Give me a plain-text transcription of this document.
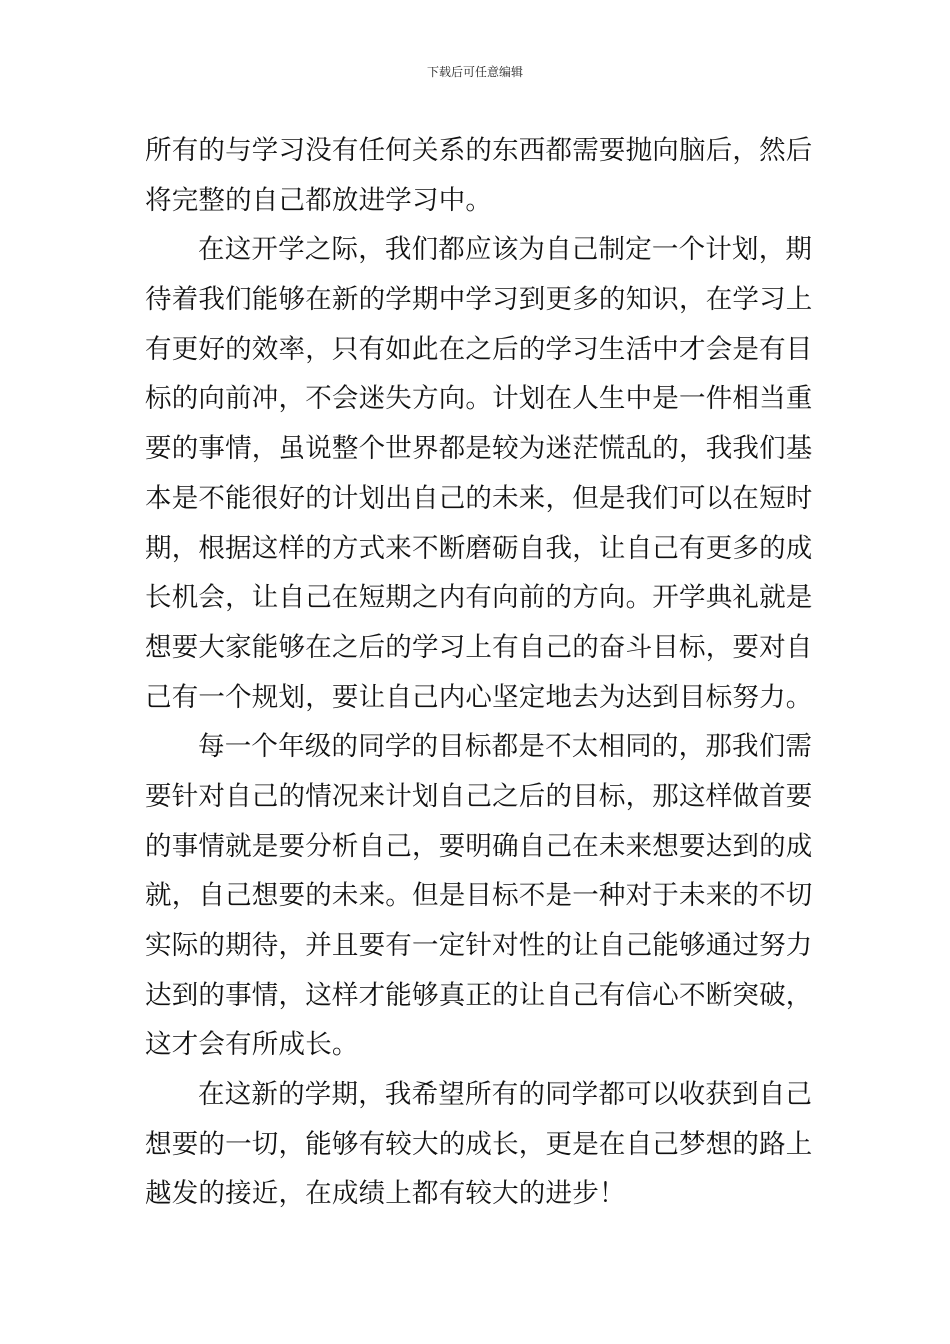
下载后可任意编辑
所有的与学习没有任何关系的东西都需要抛向脑后，然后
将完整的自己都放进学习中。
在这开学之际，我们都应该为自己制定一个计划，期
待着我们能够在新的学期中学习到更多的知识，在学习上
有更好的效率，只有如此在之后的学习生活中才会是有目
标的向前冲，不会迷失方向。计划在人生中是一件相当重
要的事情，虽说整个世界都是较为迷茫慌乱的，我我们基
本是不能很好的计划出自己的未来，但是我们可以在短时
期，根据这样的方式来不断磨砺自我，让自己有更多的成
长机会，让自己在短期之内有向前的方向。开学典礼就是
想要大家能够在之后的学习上有自己的奋斗目标，要对自
己有一个规划，要让自己内心坚定地去为达到目标努力。
每一个年级的同学的目标都是不太相同的，那我们需
要针对自己的情况来计划自己之后的目标，那这样做首要
的事情就是要分析自己，要明确自己在未来想要达到的成
就，自己想要的未来。但是目标不是一种对于未来的不切
实际的期待，并且要有一定针对性的让自己能够通过努力
达到的事情，这样才能够真正的让自己有信心不断突破，
这才会有所成长。
在这新的学期，我希望所有的同学都可以收获到自己
想要的一切，能够有较大的成长，更是在自己梦想的路上
越发的接近，在成绩上都有较大的进步！
